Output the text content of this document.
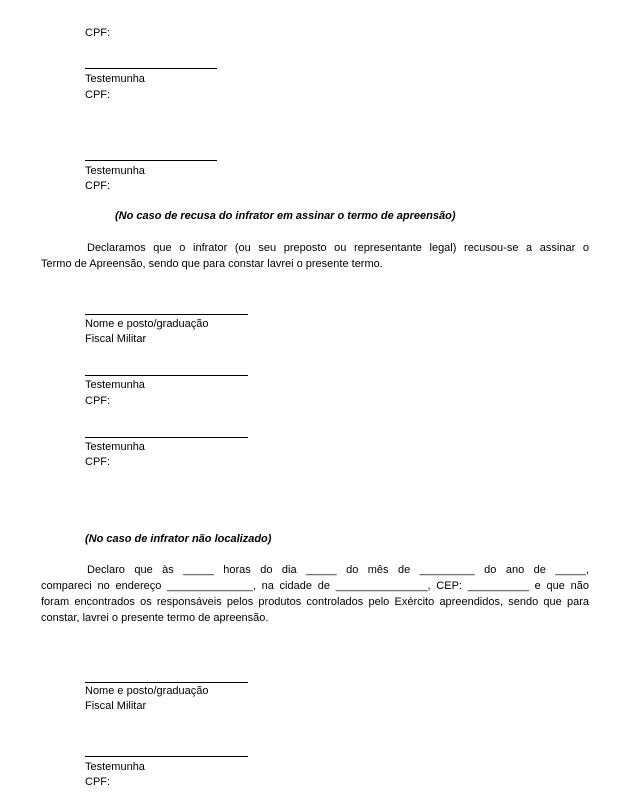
CPF:
Testemunha
CPF:
Testemunha
CPF:
(No caso de recusa do infrator em assinar o termo de apreensão)

Declaramos que o infrator (ou seu preposto ou representante legal) recusou-se a assinar o

Termo de Apreensão, sendo que para constar lavrei o presente termo.

Nome e posto/graduação
Fiscal Militar
Testemunha
CPF:
Testemunha
CPF:
(No caso de infrator não localizado)

Declaro que às _____ horas do dia _____ do mês de _________ do ano de _____,

compareci no endereço ______________, na cidade de _______________, CEP: __________ e que não

foram encontrados os responsáveis pelos produtos controlados pelo Exército apreendidos, sendo que para

constar, lavrei o presente termo de apreensão.

Nome e posto/graduação
Fiscal Militar
Testemunha
CPF:
